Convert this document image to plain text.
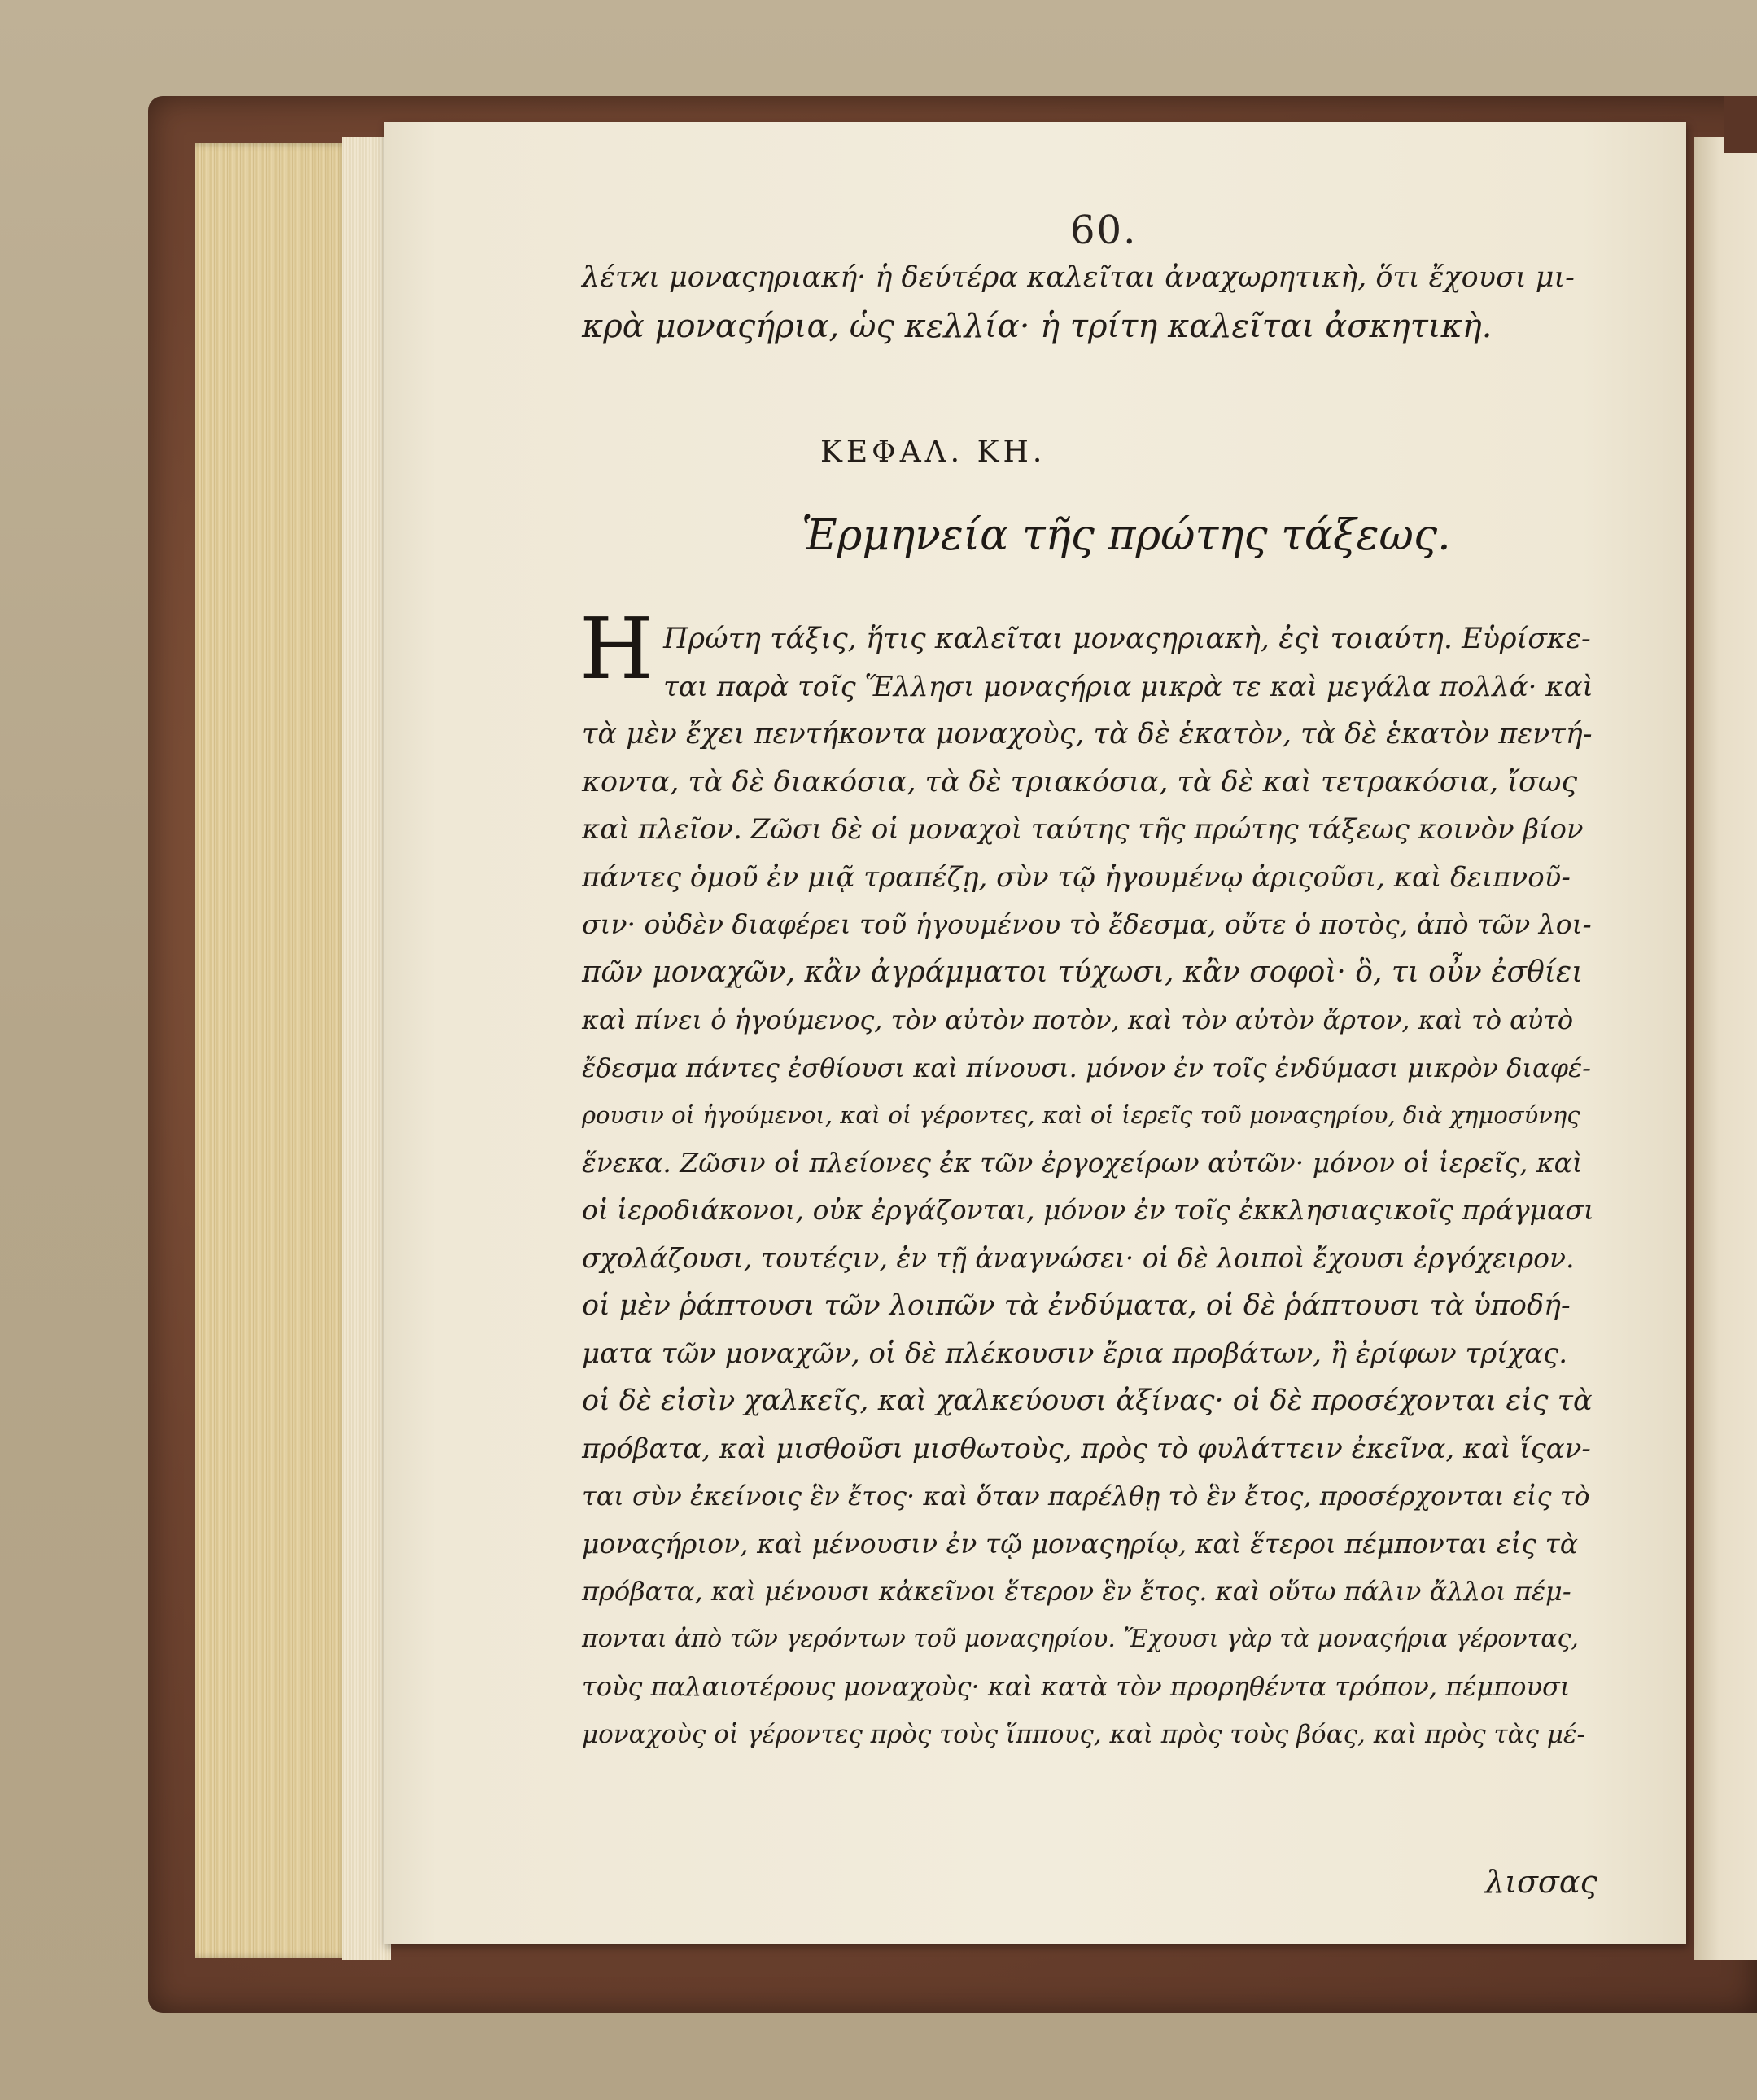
60.
λέτϰι μοναςηριακή· ἡ δεύτέρα καλεῖται ἀναχωρητικὴ, ὅτι ἔχουσι μι-
κρὰ μοναςήρια, ὡς κελλία· ἡ τρίτη καλεῖται ἀσκητικὴ.
ΚΕΦΑΛ. ΚΗ.
Ἑρμηνεία τῆς πρώτης τάξεως.
Η Πρώτη τάξις, ἥτις καλεῖται μοναςηριακὴ, ἐςὶ τοιαύτη. Εὑρίσκε-
ται παρὰ τοῖς Ἕλλησι μοναςήρια μικρὰ τε καὶ μεγάλα πολλά· καὶ
τὰ μὲν ἔχει πεντήκοντα μοναχοὺς, τὰ δὲ ἑκατὸν, τὰ δὲ ἑκατὸν πεντή-
κοντα, τὰ δὲ διακόσια, τὰ δὲ τριακόσια, τὰ δὲ καὶ τετρακόσια, ἴσως
καὶ πλεῖον. Ζῶσι δὲ οἱ μοναχοὶ ταύτης τῆς πρώτης τάξεως κοινὸν βίον
πάντες ὁμοῦ ἐν μιᾷ τραπέζῃ, σὺν τῷ ἡγουμένῳ ἀριςοῦσι, καὶ δειπνοῦ-
σιν· οὐδὲν διαφέρει τοῦ ἡγουμένου τὸ ἔδεσμα, οὔτε ὁ ποτὸς, ἀπὸ τῶν λοι-
πῶν μοναχῶν, κἂν ἀγράμματοι τύχωσι, κἂν σοφοὶ· ὃ, τι οὖν ἐσθίει
καὶ πίνει ὁ ἡγούμενος, τὸν αὐτὸν ποτὸν, καὶ τὸν αὐτὸν ἄρτον, καὶ τὸ αὐτὸ
ἔδεσμα πάντες ἐσθίουσι καὶ πίνουσι. μόνον ἐν τοῖς ἐνδύμασι μικρὸν διαφέ-
ρουσιν οἱ ἡγούμενοι, καὶ οἱ γέροντες, καὶ οἱ ἱερεῖς τοῦ μοναςηρίου, διὰ χημοσύνης
ἕνεκα. Ζῶσιν οἱ πλείονες ἐκ τῶν ἐργοχείρων αὐτῶν· μόνον οἱ ἱερεῖς, καὶ
οἱ ἱεροδιάκονοι, οὐκ ἐργάζονται, μόνον ἐν τοῖς ἐκκλησιαςικοῖς πράγμασι
σχολάζουσι, τουτέςιν, ἐν τῇ ἀναγνώσει· οἱ δὲ λοιποὶ ἔχουσι ἐργόχειρον.
οἱ μὲν ῥάπτουσι τῶν λοιπῶν τὰ ἐνδύματα, οἱ δὲ ῥάπτουσι τὰ ὑποδή-
ματα τῶν μοναχῶν, οἱ δὲ πλέκουσιν ἔρια προβάτων, ἢ ἐρίφων τρίχας.
οἱ δὲ εἰσὶν χαλκεῖς, καὶ χαλκεύουσι ἀξίνας· οἱ δὲ προσέχονται εἰς τὰ
πρόβατα, καὶ μισθοῦσι μισθωτοὺς, πρὸς τὸ φυλάττειν ἐκεῖνα, καὶ ἵςαν-
ται σὺν ἐκείνοις ἓν ἔτος· καὶ ὅταν παρέλθῃ τὸ ἓν ἔτος, προσέρχονται εἰς τὸ
μοναςήριον, καὶ μένουσιν ἐν τῷ μοναςηρίῳ, καὶ ἕτεροι πέμπονται εἰς τὰ
πρόβατα, καὶ μένουσι κἀκεῖνοι ἕτερον ἓν ἔτος. καὶ οὕτω πάλιν ἄλλοι πέμ-
πονται ἀπὸ τῶν γερόντων τοῦ μοναςηρίου. Ἔχουσι γὰρ τὰ μοναςήρια γέροντας,
τοὺς παλαιοτέρους μοναχοὺς· καὶ κατὰ τὸν προρηθέντα τρόπον, πέμπουσι
μοναχοὺς οἱ γέροντες πρὸς τοὺς ἵππους, καὶ πρὸς τοὺς βόας, καὶ πρὸς τὰς μέ-
λισσας
